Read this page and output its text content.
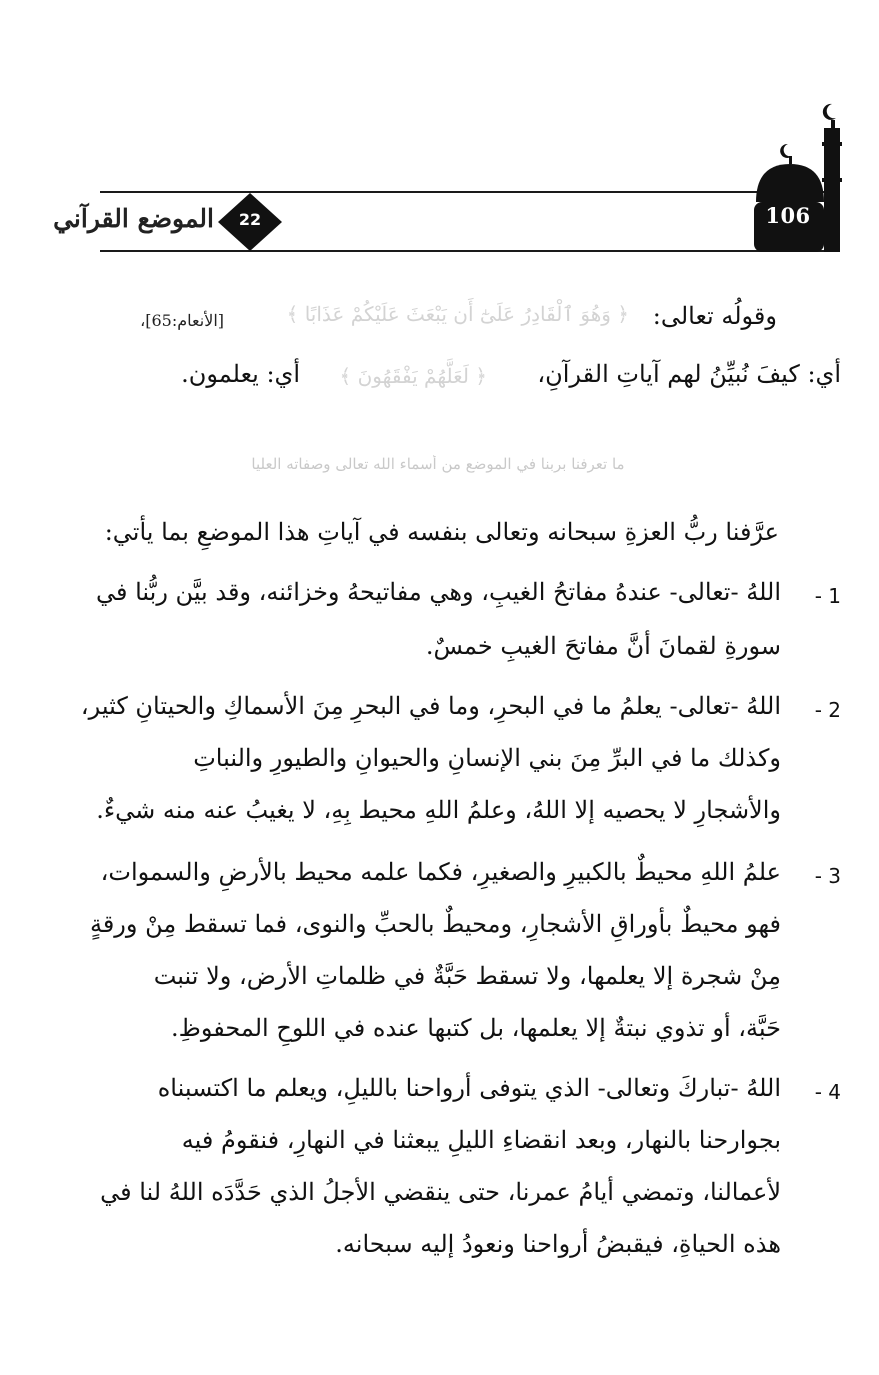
106
22
الموضع القرآني
وقولُه تعالى:
﴿ وَهُوَ ٱلْقَادِرُ عَلَىٰٓ أَن يَبْعَثَ عَلَيْكُمْ عَذَابًا ﴾
[الأنعام:65]،
أي: كيفَ نُبيِّنُ لهم آياتِ القرآنِ،
﴿ لَعَلَّهُمْ يَفْقَهُونَ ﴾
أي: يعلمون.
ما تعرفنا بربنا في الموضع من أسماء الله تعالى وصفاته العليا
عرَّفنا ربُّ العزةِ سبحانه وتعالى بنفسه في آياتِ هذا الموضعِ بما يأتي:
1 -
اللهُ -تعالى- عندهُ مفاتحُ الغيبِ، وهي مفاتيحهُ وخزائنه، وقد بيَّن ربُّنا في
سورةِ لقمانَ أنَّ مفاتحَ الغيبِ خمسٌ.
2 -
اللهُ -تعالى- يعلمُ ما في البحرِ، وما في البحرِ مِنَ الأسماكِ والحيتانِ كثير،
وكذلك ما في البرِّ مِنَ بني الإنسانِ والحيوانِ والطيورِ والنباتِ
والأشجارِ لا يحصيه إلا اللهُ، وعلمُ اللهِ محيط بِهِ، لا يغيبُ عنه منه شيءٌ.
3 -
علمُ اللهِ محيطٌ بالكبيرِ والصغيرِ، فكما علمه محيط بالأرضِ والسموات،
فهو محيطٌ بأوراقِ الأشجارِ، ومحيطٌ بالحبِّ والنوى، فما تسقط مِنْ ورقةٍ
مِنْ شجرة إلا يعلمها، ولا تسقط حَبَّةٌ في ظلماتِ الأرض، ولا تنبت
حَبَّة، أو تذوي نبتةٌ إلا يعلمها، بل كتبها عنده في اللوحِ المحفوظِ.
4 -
اللهُ -تباركَ وتعالى- الذي يتوفى أرواحنا بالليلِ، ويعلم ما اكتسبناه
بجوارحنا بالنهار، وبعد انقضاءِ الليلِ يبعثنا في النهارِ، فنقومُ فيه
لأعمالنا، وتمضي أيامُ عمرنا، حتى ينقضي الأجلُ الذي حَدَّدَه اللهُ لنا في
هذه الحياةِ، فيقبضُ أرواحنا ونعودُ إليه سبحانه.
